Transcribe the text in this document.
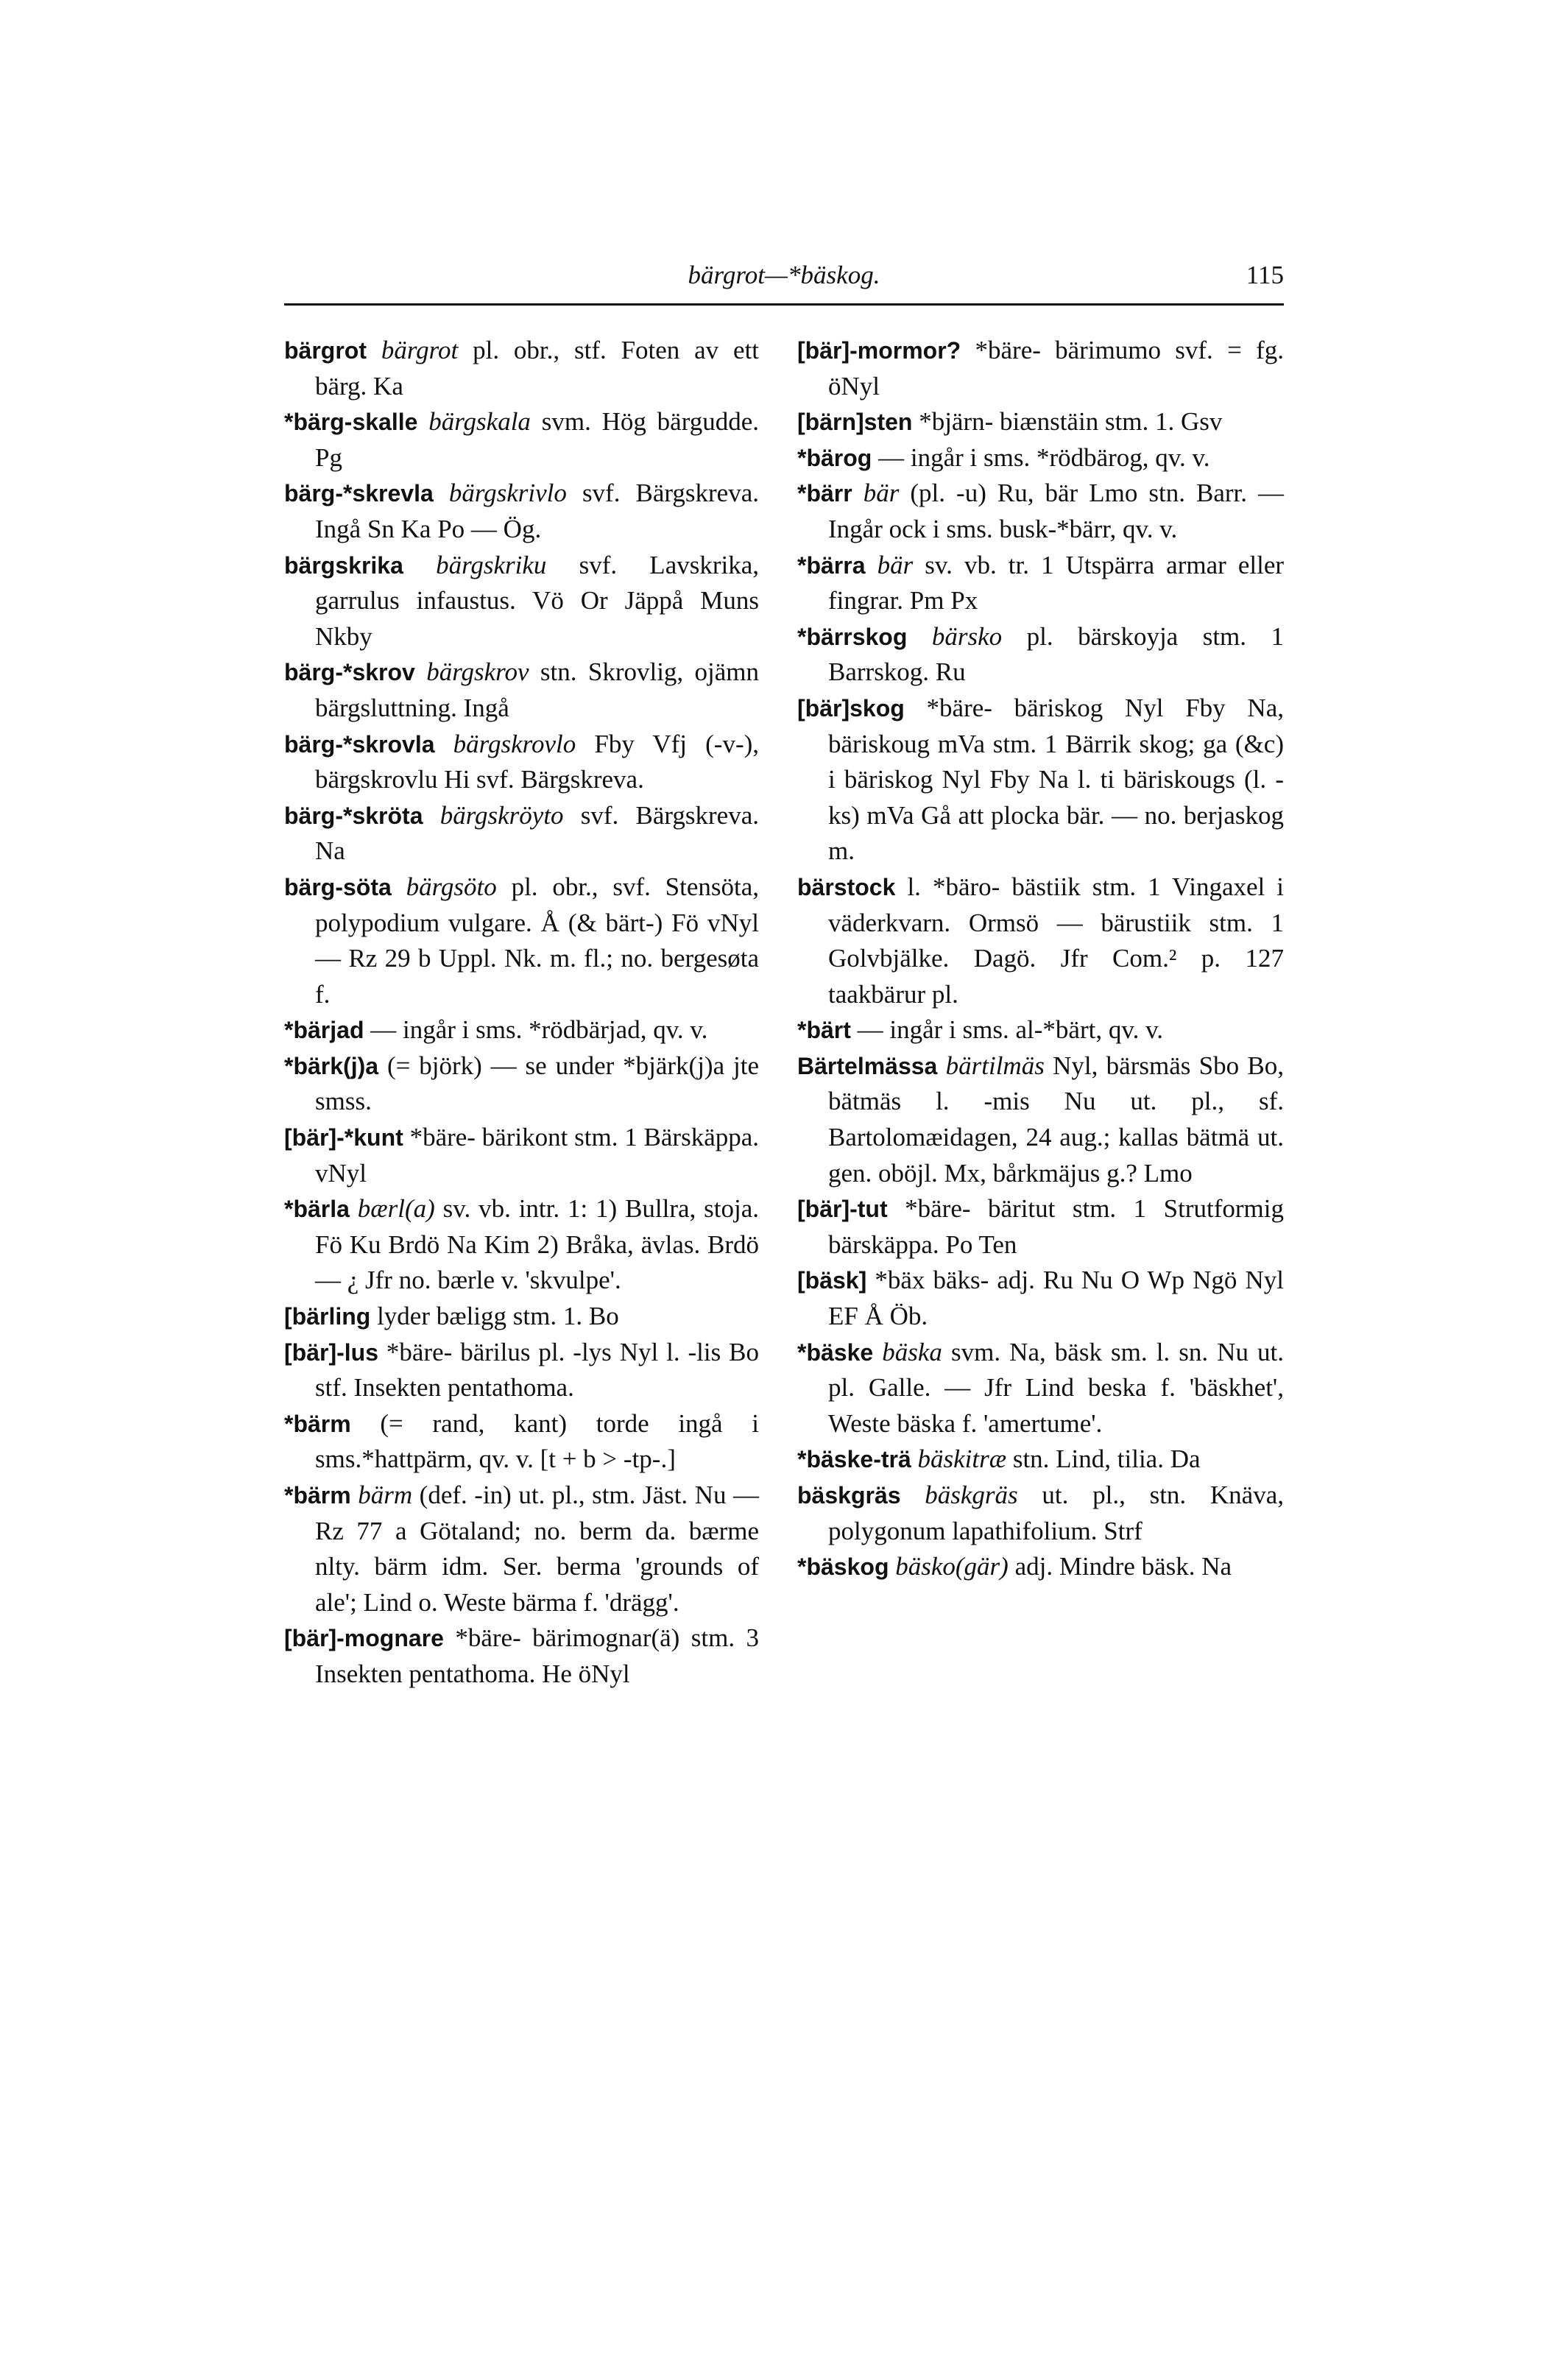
bärgrot—*bäskog.	115

bärgrot bärgrot pl. obr., stf. Foten av ett bärg. Ka

*bärg-skalle bärgskala svm. Hög bärgudde. Pg

bärg-*skrevla bärgskrivlo svf. Bärgskreva. Ingå Sn Ka Po — Ög.

bärgskrika bärgskriku svf. Lavskrika, garrulus infaustus. Vö Or Jäppå Muns Nkby

bärg-*skrov bärgskrov stn. Skrovlig, ojämn bärgsluttning. Ingå

bärg-*skrovla bärgskrovlo Fby Vfj (-v-), bärgskrovlu Hi svf. Bärgskreva.

bärg-*skröta bärgskröyto svf. Bärgskreva. Na

bärg-söta bärgsöto pl. obr., svf. Stensöta, polypodium vulgare. Å (& bärt-) Fö vNyl — Rz 29 b Uppl. Nk. m. fl.; no. bergesøta f.

*bärjad — ingår i sms. *rödbärjad, qv. v.

*bärk(j)a (= björk) — se under *bjärk(j)a jte smss.

[bär]-*kunt *bäre- bärikont stm. 1 Bärskäppa. vNyl

*bärla bærl(a) sv. vb. intr. 1: 1) Bullra, stoja. Fö Ku Brdö Na Kim 2) Bråka, ävlas. Brdö — ¿ Jfr no. bærle v. 'skvulpe'.

[bärling lyder bæligg stm. 1. Bo

[bär]-lus *bäre- bärilus pl. -lys Nyl l. -lis Bo stf. Insekten pentathoma.

*bärm (= rand, kant) torde ingå i sms.*hattpärm, qv. v. [t + b > -tp-.]

*bärm bärm (def. -in) ut. pl., stm. Jäst. Nu — Rz 77 a Götaland; no. berm da. bærme nlty. bärm idm. Ser. berma 'grounds of ale'; Lind o. Weste bärma f. 'drägg'.

[bär]-mognare *bäre- bärimognar(ä) stm. 3 Insekten pentathoma. He öNyl

[bär]-mormor? *bäre- bärimumo svf. = fg. öNyl

[bärn]sten *bjärn- biænstäin stm. 1. Gsv

*bärog — ingår i sms. *rödbärog, qv. v.

*bärr bär (pl. -u) Ru, bär Lmo stn. Barr. — Ingår ock i sms. busk-*bärr, qv. v.

*bärra bär sv. vb. tr. 1 Utspärra armar eller fingrar. Pm Px

*bärrskog bärsko pl. bärskoyja stm. 1 Barrskog. Ru

[bär]skog *bäre- bäriskog Nyl Fby Na, bäriskoug mVa stm. 1 Bärrik skog; ga (&c) i bäriskog Nyl Fby Na l. ti bäriskougs (l. -ks) mVa Gå att plocka bär. — no. berjaskog m.

bärstock l. *bäro- bästiik stm. 1 Vingaxel i väderkvarn. Ormsö — bärustiik stm. 1 Golvbjälke. Dagö. Jfr Com.² p. 127 taakbärur pl.

*bärt — ingår i sms. al-*bärt, qv. v.

Bärtelmässa bärtilmäs Nyl, bärsmäs Sbo Bo, bätmäs l. -mis Nu ut. pl., sf. Bartolomæidagen, 24 aug.; kallas bätmä ut. gen. oböjl. Mx, bårkmäjus g.? Lmo

[bär]-tut *bäre- bäritut stm. 1 Strutformig bärskäppa. Po Ten

[bäsk] *bäx bäks- adj. Ru Nu O Wp Ngö Nyl EF Å Öb.

*bäske bäska svm. Na, bäsk sm. l. sn. Nu ut. pl. Galle. — Jfr Lind beska f. 'bäskhet', Weste bäska f. 'amertume'.

*bäske-trä bäskitræ stn. Lind, tilia. Da

bäskgräs bäskgräs ut. pl., stn. Knäva, polygonum lapathifolium. Strf

*bäskog bäsko(gär) adj. Mindre bäsk. Na
